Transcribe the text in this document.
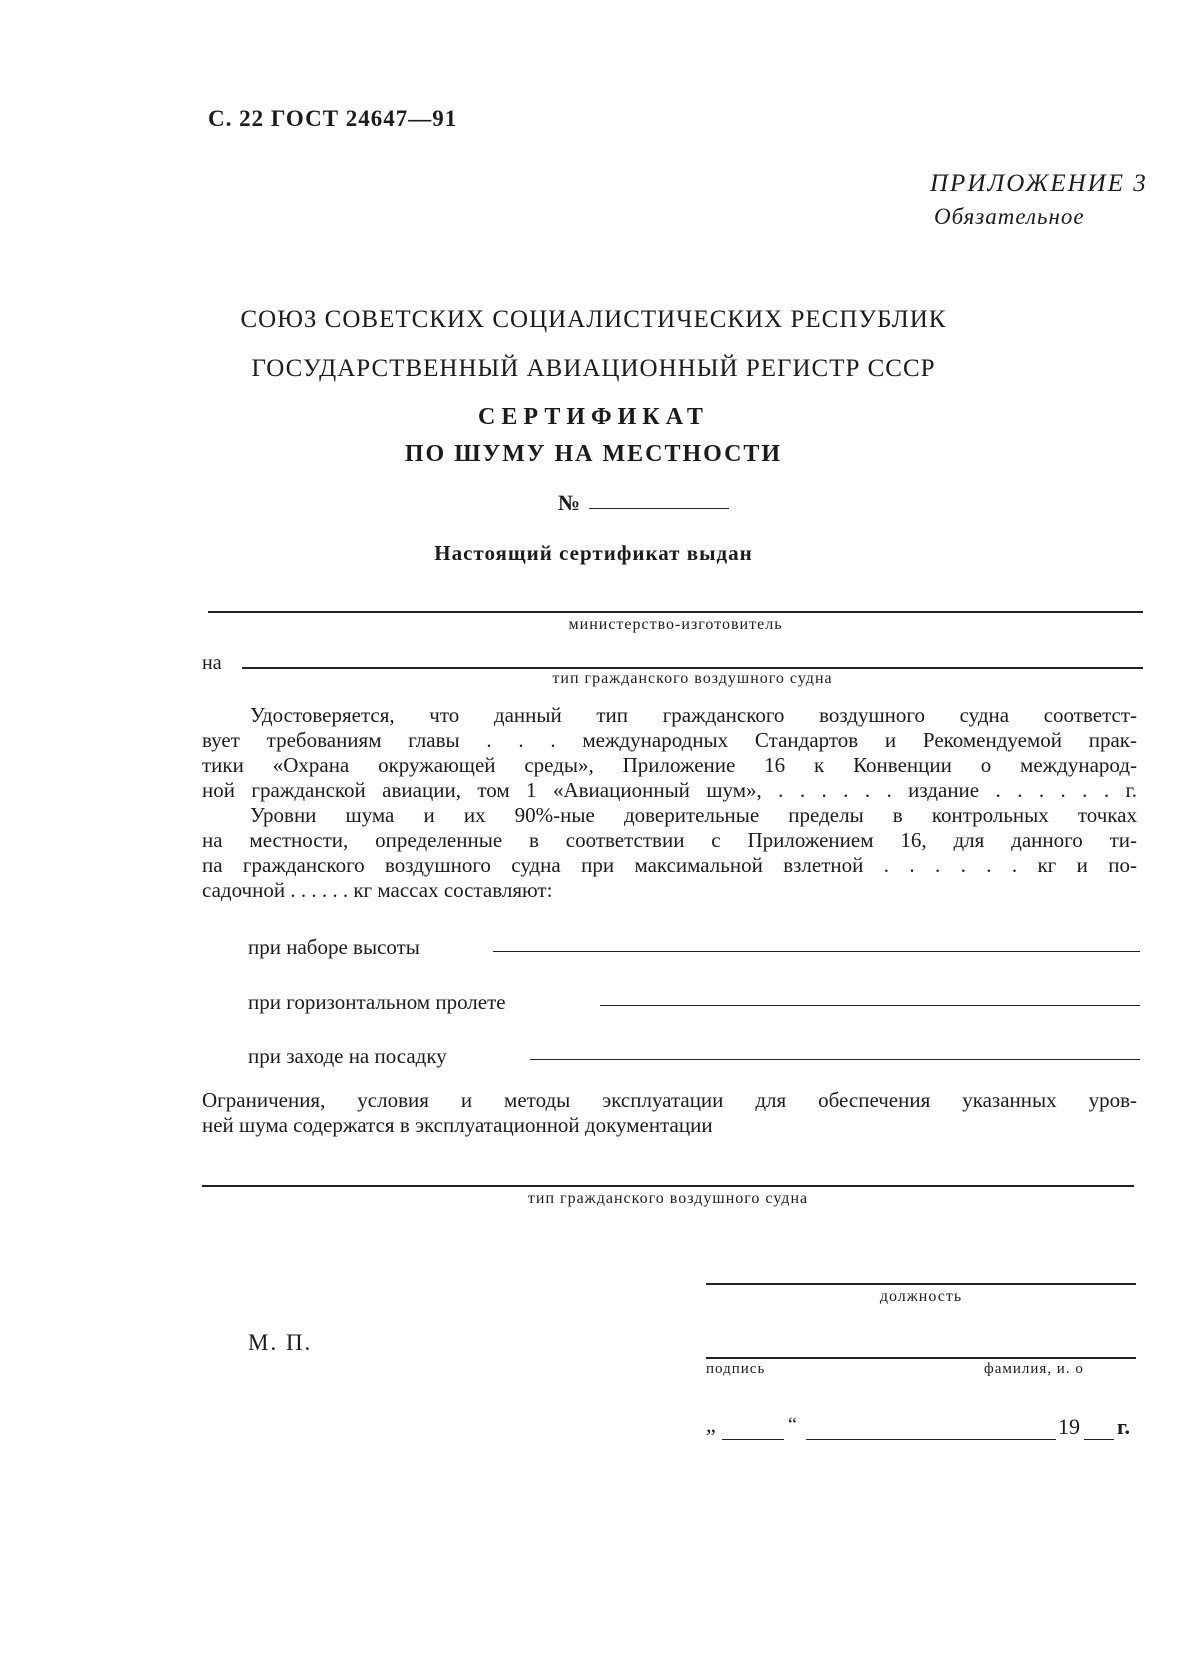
С. 22 ГОСТ 24647—91
ПРИЛОЖЕНИЕ 3
Обязательное
СОЮЗ СОВЕТСКИХ СОЦИАЛИСТИЧЕСКИХ РЕСПУБЛИК
ГОСУДАРСТВЕННЫЙ АВИАЦИОННЫЙ РЕГИСТР СССР
СЕРТИФИКАТ
ПО ШУМУ НА МЕСТНОСТИ
№
Настоящий сертификат выдан
министерство-изготовитель
на
тип гражданского воздушного судна
Удостоверяется, что данный тип гражданского воздушного судна соответст-
вует требованиям главы . . . международных Стандартов и Рекомендуемой прак-
тики «Охрана окружающей среды», Приложение 16 к Конвенции о международ-
ной гражданской авиации, том 1 «Авиационный шум», . . . . . . издание . . . . . . г.
Уровни шума и их 90%-ные доверительные пределы в контрольных точках
на местности, определенные в соответствии с Приложением 16, для данного ти-
па гражданского воздушного судна при максимальной взлетной . . . . . . кг и по-
садочной . . . . . . кг массах составляют:
при наборе высоты
при горизонтальном пролете
при заходе на посадку
Ограничения, условия и методы эксплуатации для обеспечения указанных уров-
ней шума содержатся в эксплуатационной документации
тип гражданского воздушного судна
должность
М. П.
подпись	фамилия, и. о
„	“	19 г.
